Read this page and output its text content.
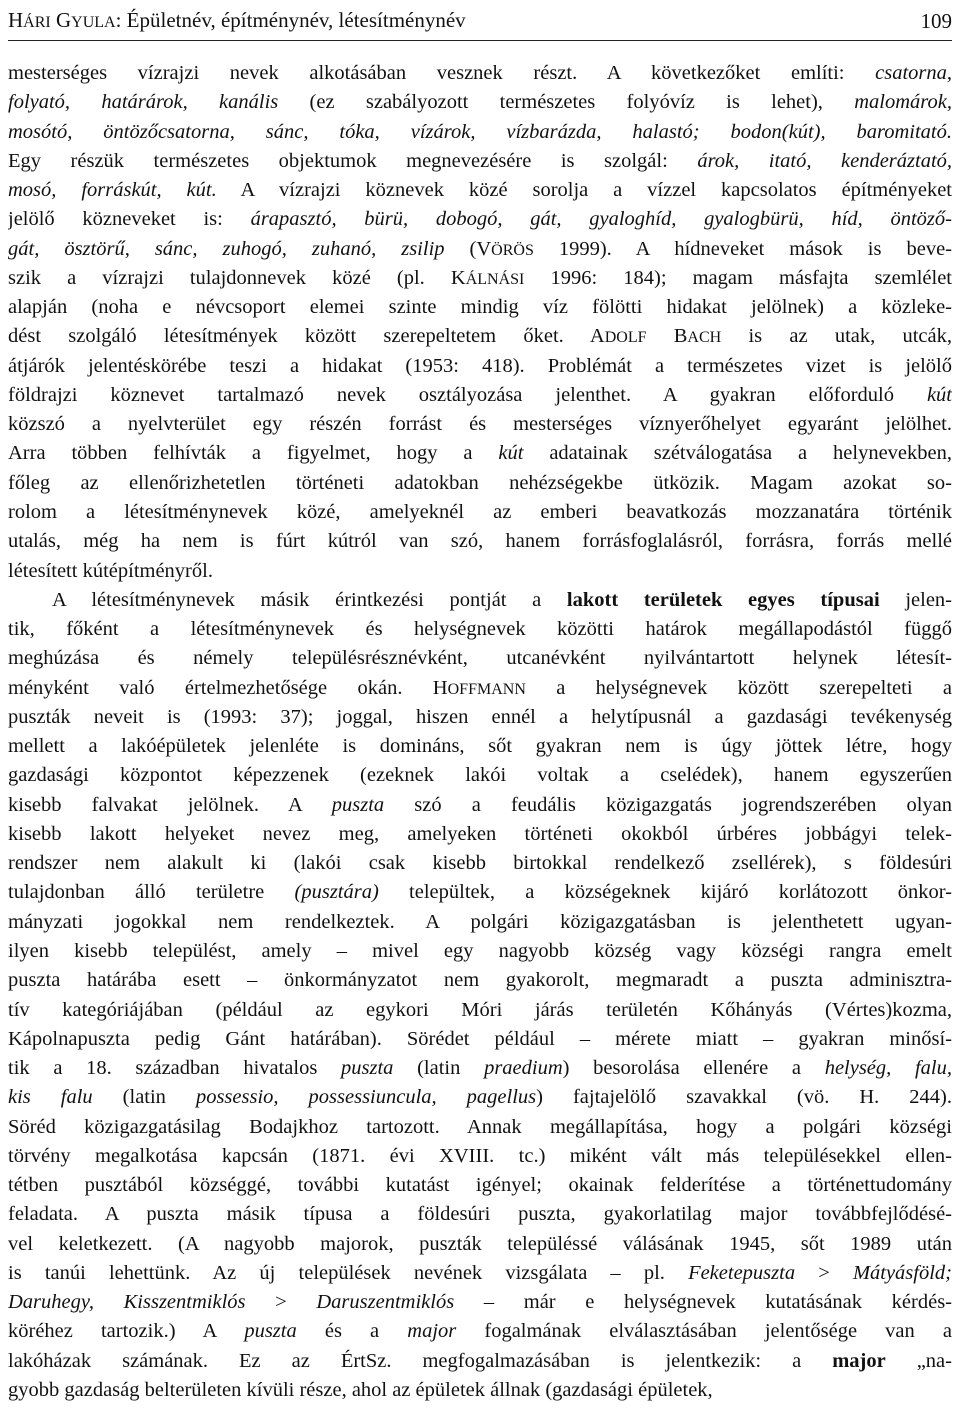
HÁRI GYULA: Épületnév, építménynév, létesítménynév	109
mesterséges vízrajzi nevek alkotásában vesznek részt. A következőket említi: csatorna,
folyató, határárok, kanális (ez szabályozott természetes folyóvíz is lehet), malomárok,
mosótó, öntözőcsatorna, sánc, tóka, vízárok, vízbarázda, halastó; bodon(kút), baromitató.
Egy részük természetes objektumok megnevezésére is szolgál: árok, itató, kenderáztató,
mosó, forráskút, kút. A vízrajzi köznevek közé sorolja a vízzel kapcsolatos építményeket
jelölő közneveket is: árapasztó, bürü, dobogó, gát, gyaloghíd, gyalogbürü, híd, öntöző-
gát, ösztörű, sánc, zuhogó, zuhanó, zsilip (VÖRÖS 1999). A hídneveket mások is beve-
szik a vízrajzi tulajdonnevek közé (pl. KÁLNÁSI 1996: 184); magam másfajta szemlélet
alapján (noha e névcsoport elemei szinte mindig víz fölötti hidakat jelölnek) a közleke-
dést szolgáló létesítmények között szerepeltetem őket. ADOLF BACH is az utak, utcák,
átjárók jelentéskörébe teszi a hidakat (1953: 418). Problémát a természetes vizet is jelölő
földrajzi köznevet tartalmazó nevek osztályozása jelenthet. A gyakran előforduló kút
közszó a nyelvterület egy részén forrást és mesterséges víznyerőhelyet egyaránt jelölhet.
Arra többen felhívták a figyelmet, hogy a kút adatainak szétválogatása a helynevekben,
főleg az ellenőrizhetetlen történeti adatokban nehézségekbe ütközik. Magam azokat so-
rolom a létesítménynevek közé, amelyeknél az emberi beavatkozás mozzanatára történik
utalás, még ha nem is fúrt kútról van szó, hanem forrásfoglalásról, forrásra, forrás mellé
létesített kútépítményről.
A létesítménynevek másik érintkezési pontját a lakott területek egyes típusai jelen-
tik, főként a létesítménynevek és helységnevek közötti határok megállapodástól függő
meghúzása és némely településrésznévként, utcanévként nyilvántartott helynek létesít-
ményként való értelmezhetősége okán. HOFFMANN a helységnevek között szerepelteti a
puszták neveit is (1993: 37); joggal, hiszen ennél a helytípusnál a gazdasági tevékenység
mellett a lakóépületek jelenléte is domináns, sőt gyakran nem is úgy jöttek létre, hogy
gazdasági központot képezzenek (ezeknek lakói voltak a cselédek), hanem egyszerűen
kisebb falvakat jelölnek. A puszta szó a feudális közigazgatás jogrendszerében olyan
kisebb lakott helyeket nevez meg, amelyeken történeti okokból úrbéres jobbágyi telek-
rendszer nem alakult ki (lakói csak kisebb birtokkal rendelkező zsellérek), s földesúri
tulajdonban álló területre (pusztára) települtek, a községeknek kijáró korlátozott önkor-
mányzati jogokkal nem rendelkeztek. A polgári közigazgatásban is jelenthetett ugyan-
ilyen kisebb települést, amely – mivel egy nagyobb község vagy községi rangra emelt
puszta határába esett – önkormányzatot nem gyakorolt, megmaradt a puszta adminisztra-
tív kategóriájában (például az egykori Móri járás területén Kőhányás (Vértes)kozma,
Kápolnapuszta pedig Gánt határában). Sörédet például – mérete miatt – gyakran minősí-
tik a 18. században hivatalos puszta (latin praedium) besorolása ellenére a helység, falu,
kis falu (latin possessio, possessiuncula, pagellus) fajtajelölő szavakkal (vö. H. 244).
Söréd közigazgatásilag Bodajkhoz tartozott. Annak megállapítása, hogy a polgári községi
törvény megalkotása kapcsán (1871. évi XVIII. tc.) miként vált más településekkel ellen-
tétben pusztából községgé, további kutatást igényel; okainak felderítése a történettudomány
feladata. A puszta másik típusa a földesúri puszta, gyakorlatilag major továbbfejlődésé-
vel keletkezett. (A nagyobb majorok, puszták településsé válásának 1945, sőt 1989 után
is tanúi lehettünk. Az új települések nevének vizsgálata – pl. Feketepuszta > Mátyásföld;
Daruhegy, Kisszentmiklós > Daruszentmiklós – már e helységnevek kutatásának kérdés-
köréhez tartozik.) A puszta és a major fogalmának elválasztásában jelentősége van a
lakóházak számának. Ez az ÉrtSz. megfogalmazásában is jelentkezik: a major „na-
gyobb gazdaság belterületen kívüli része, ahol az épületek állnak (gazdasági épületek,
